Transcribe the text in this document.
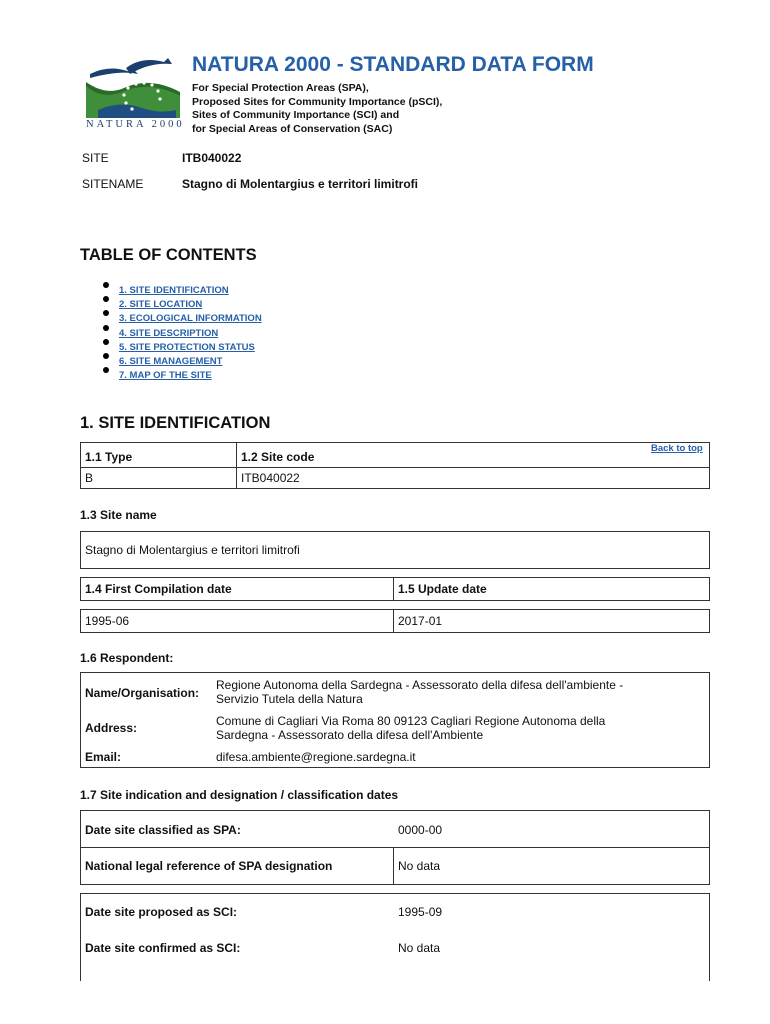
NATURA 2000
NATURA 2000 - STANDARD DATA FORM
For Special Protection Areas (SPA),
Proposed Sites for Community Importance (pSCI),
Sites of Community Importance (SCI) and
for Special Areas of Conservation (SAC)
SITE	ITB040022
SITENAME	Stagno di Molentargius e territori limitrofi
TABLE OF CONTENTS
1. SITE IDENTIFICATION
2. SITE LOCATION
3. ECOLOGICAL INFORMATION
4. SITE DESCRIPTION
5. SITE PROTECTION STATUS
6. SITE MANAGEMENT
7. MAP OF THE SITE
1. SITE IDENTIFICATION
Back to top
1.1 Type	1.2 Site code
B	ITB040022
1.3 Site name
Stagno di Molentargius e territori limitrofi
1.4 First Compilation date	1.5 Update date
1995-06	2017-01
1.6 Respondent:
Name/Organisation:
Regione Autonoma della Sardegna - Assessorato della difesa dell'ambiente -
Servizio Tutela della Natura
Address:	Comune di Cagliari Via Roma 80 09123 Cagliari Regione Autonoma della
Sardegna - Assessorato della difesa dell'Ambiente
Email:	difesa.ambiente@regione.sardegna.it
1.7 Site indication and designation / classification dates
Date site classified as SPA:	0000-00
National legal reference of SPA designation	No data
Date site proposed as SCI:	1995-09
Date site confirmed as SCI:	No data
